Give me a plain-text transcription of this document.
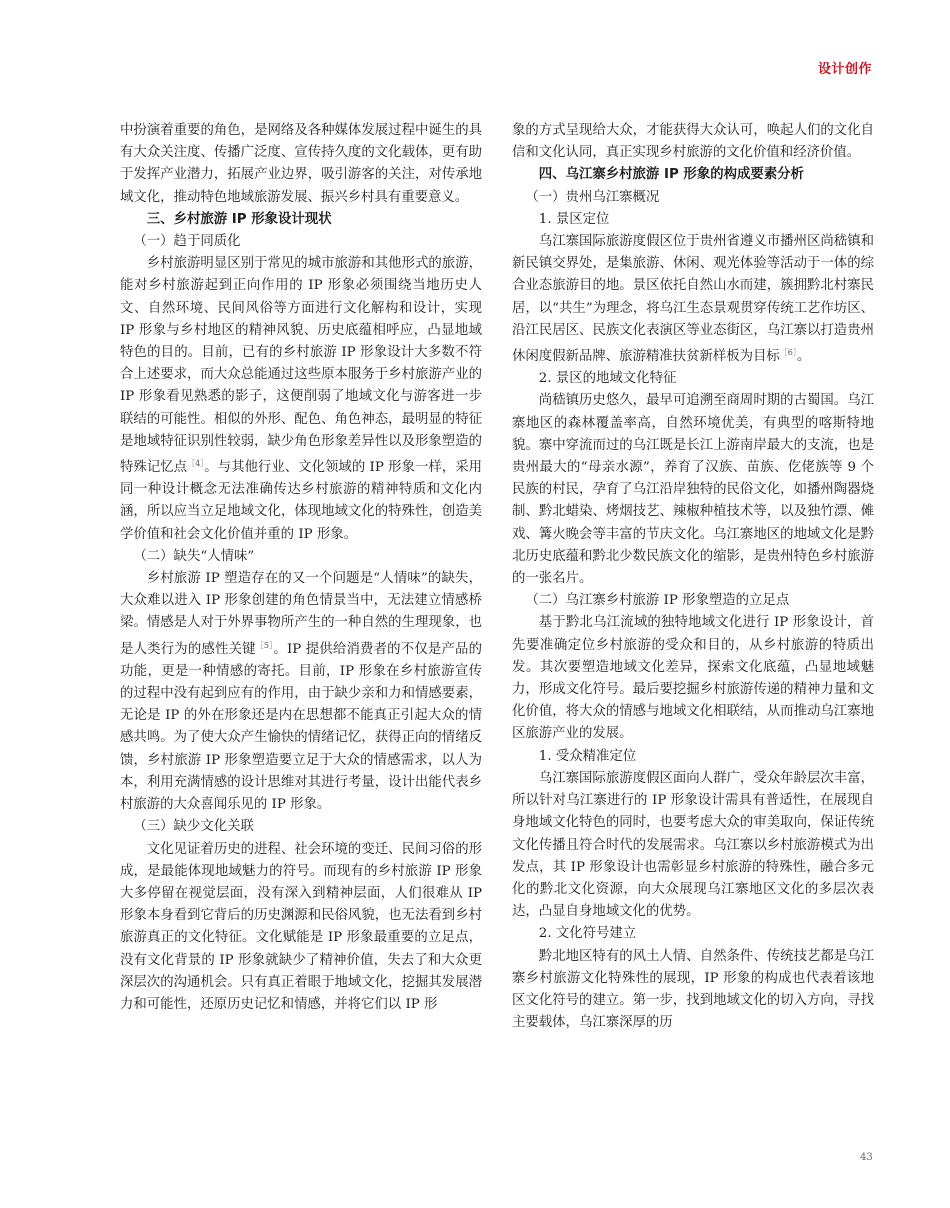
设计创作

中扮演着重要的角色，是网络及各种媒体发展过程中诞生的具有大众关注度、传播广泛度、宣传持久度的文化载体，更有助于发挥产业潜力，拓展产业边界，吸引游客的关注，对传承地域文化，推动特色地域旅游发展、振兴乡村具有重要意义。

三、乡村旅游 IP 形象设计现状
（一）趋于同质化

乡村旅游明显区别于常见的城市旅游和其他形式的旅游，能对乡村旅游起到正向作用的 IP 形象必须围绕当地历史人文、自然环境、民间风俗等方面进行文化解构和设计，实现 IP 形象与乡村地区的精神风貌、历史底蕴相呼应，凸显地域特色的目的。目前，已有的乡村旅游 IP 形象设计大多数不符合上述要求，而大众总能通过这些原本服务于乡村旅游产业的 IP 形象看见熟悉的影子，这便削弱了地域文化与游客进一步联结的可能性。相似的外形、配色、角色神态，最明显的特征是地域特征识别性较弱，缺少角色形象差异性以及形象塑造的特殊记忆点$^{[4]}$。与其他行业、文化领域的 IP 形象一样，采用同一种设计概念无法准确传达乡村旅游的精神特质和文化内涵，所以应当立足地域文化，体现地域文化的特殊性，创造美学价值和社会文化价值并重的 IP 形象。

（二）缺失“人情味”

乡村旅游 IP 塑造存在的又一个问题是“人情味”的缺失，大众难以进入 IP 形象创建的角色情景当中，无法建立情感桥梁。情感是人对于外界事物所产生的一种自然的生理现象，也是人类行为的感性关键$^{[5]}$。IP 提供给消费者的不仅是产品的功能，更是一种情感的寄托。目前，IP 形象在乡村旅游宣传的过程中没有起到应有的作用，由于缺少亲和力和情感要素，无论是 IP 的外在形象还是内在思想都不能真正引起大众的情感共鸣。为了使大众产生愉快的情绪记忆，获得正向的情绪反馈，乡村旅游 IP 形象塑造要立足于大众的情感需求，以人为本，利用充满情感的设计思维对其进行考量，设计出能代表乡村旅游的大众喜闻乐见的 IP 形象。

（三）缺少文化关联

文化见证着历史的进程、社会环境的变迁、民间习俗的形成，是最能体现地域魅力的符号。而现有的乡村旅游 IP 形象大多停留在视觉层面，没有深入到精神层面，人们很难从 IP 形象本身看到它背后的历史渊源和民俗风貌，也无法看到乡村旅游真正的文化特征。文化赋能是 IP 形象最重要的立足点，没有文化背景的 IP 形象就缺少了精神价值，失去了和大众更深层次的沟通机会。只有真正着眼于地域文化，挖掘其发展潜力和可能性，还原历史记忆和情感，并将它们以 IP 形

象的方式呈现给大众，才能获得大众认可，唤起人们的文化自信和文化认同，真正实现乡村旅游的文化价值和经济价值。

四、乌江寨乡村旅游 IP 形象的构成要素分析
（一）贵州乌江寨概况
1. 景区定位

乌江寨国际旅游度假区位于贵州省遵义市播州区尚嵇镇和新民镇交界处，是集旅游、休闲、观光体验等活动于一体的综合业态旅游目的地。景区依托自然山水而建，簇拥黔北村寨民居，以“共生”为理念，将乌江生态景观贯穿传统工艺作坊区、沿江民居区、民族文化表演区等业态街区，乌江寨以打造贵州休闲度假新品牌、旅游精准扶贫新样板为目标$^{[6]}$。

2. 景区的地域文化特征

尚嵇镇历史悠久，最早可追溯至商周时期的古蜀国。乌江寨地区的森林覆盖率高，自然环境优美，有典型的喀斯特地貌。寨中穿流而过的乌江既是长江上游南岸最大的支流，也是贵州最大的“母亲水源”，养育了汉族、苗族、仡佬族等 9 个民族的村民，孕育了乌江沿岸独特的民俗文化，如播州陶器烧制、黔北蜡染、烤烟技艺、辣椒种植技术等，以及独竹漂、傩戏、篝火晚会等丰富的节庆文化。乌江寨地区的地域文化是黔北历史底蕴和黔北少数民族文化的缩影，是贵州特色乡村旅游的一张名片。

（二）乌江寨乡村旅游 IP 形象塑造的立足点

基于黔北乌江流域的独特地域文化进行 IP 形象设计，首先要准确定位乡村旅游的受众和目的，从乡村旅游的特质出发。其次要塑造地域文化差异，探索文化底蕴，凸显地域魅力，形成文化符号。最后要挖掘乡村旅游传递的精神力量和文化价值，将大众的情感与地域文化相联结，从而推动乌江寨地区旅游产业的发展。

1. 受众精准定位

乌江寨国际旅游度假区面向人群广，受众年龄层次丰富，所以针对乌江寨进行的 IP 形象设计需具有普适性，在展现自身地域文化特色的同时，也要考虑大众的审美取向，保证传统文化传播且符合时代的发展需求。乌江寨以乡村旅游模式为出发点，其 IP 形象设计也需彰显乡村旅游的特殊性，融合多元化的黔北文化资源，向大众展现乌江寨地区文化的多层次表达，凸显自身地域文化的优势。

2. 文化符号建立

黔北地区特有的风土人情、自然条件、传统技艺都是乌江寨乡村旅游文化特殊性的展现，IP 形象的构成也代表着该地区文化符号的建立。第一步，找到地域文化的切入方向，寻找主要载体，乌江寨深厚的历

43
